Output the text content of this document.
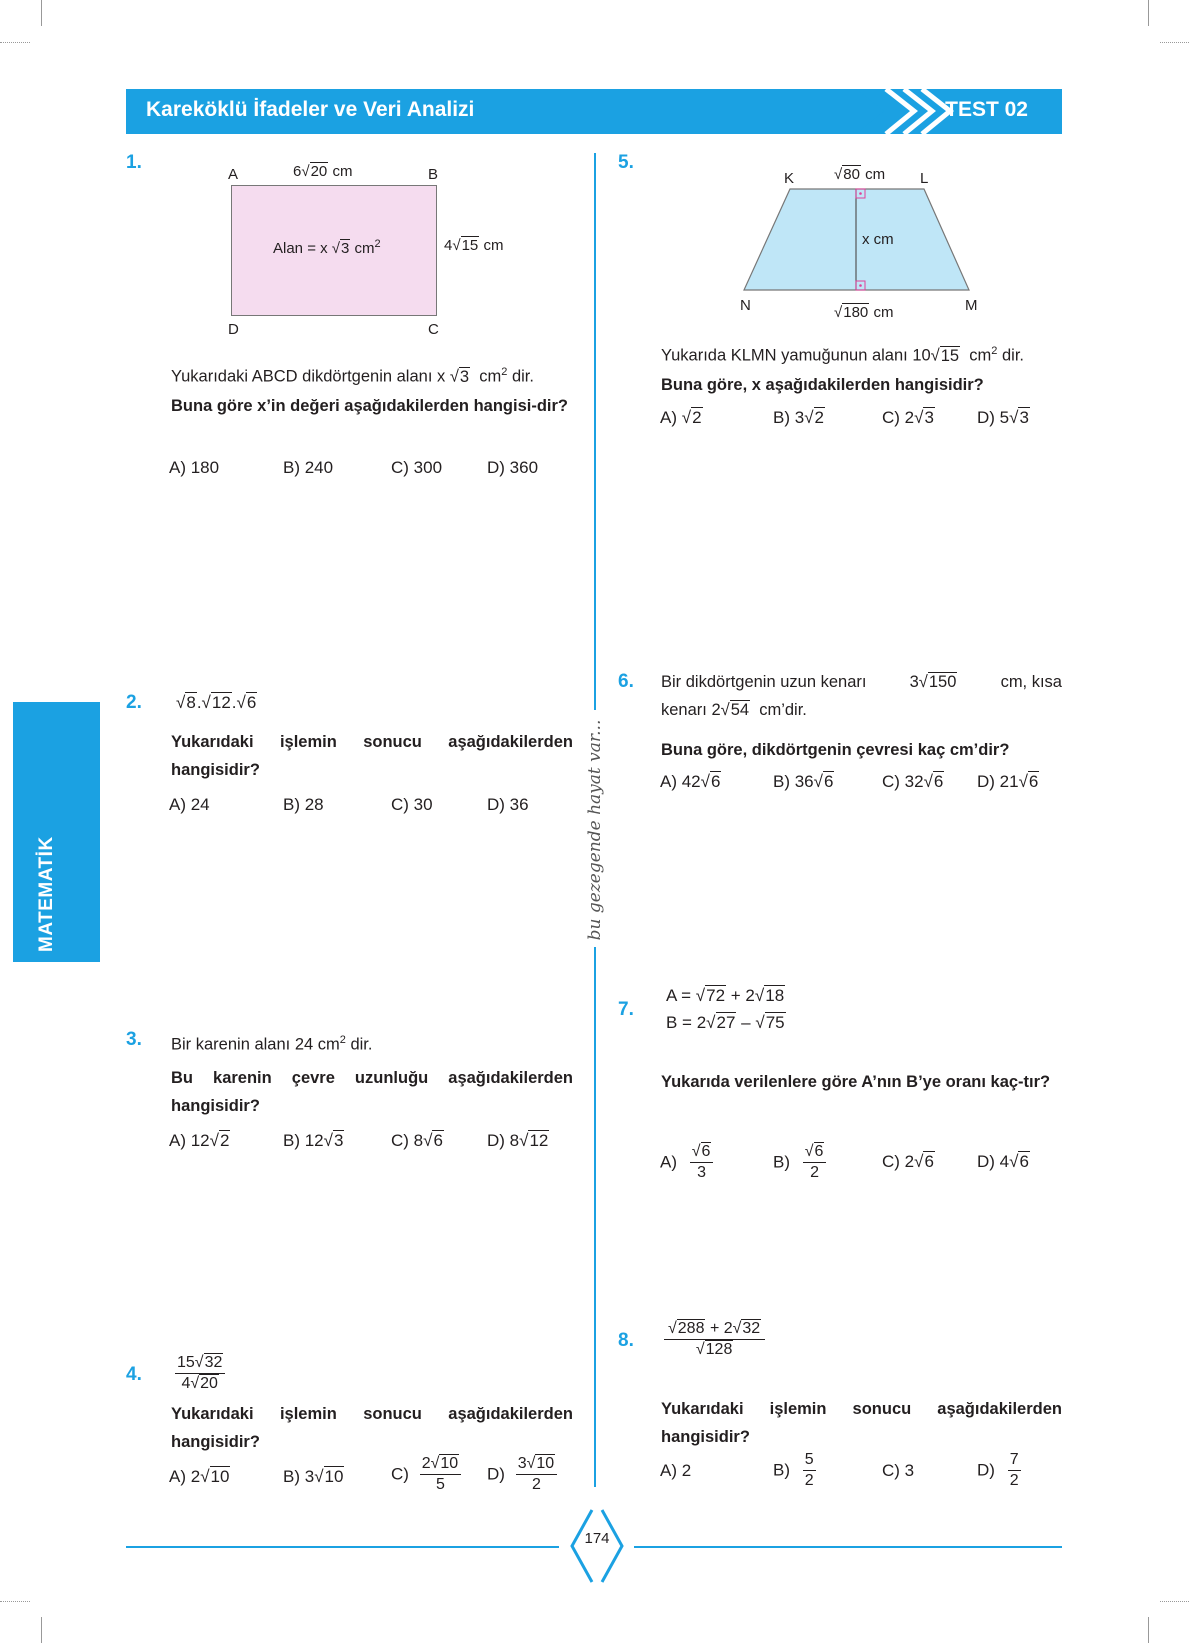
Kareköklü İfadeler ve Veri Analizi	TEST 02
MATEMATİK	bu gezegende hayat var...
1.
Alan = x √3 $cm^2$
A	B
C
D
6√20 cm
4√15 cm
Yukarıdaki ABCD dikdörtgenin alanı x √3 $cm^2$ dir.
Buna göre x’in değeri aşağıdakilerden hangisi-dir?
A) 180	B) 240	C) 300	D) 360
2. √8.√12.√6
Yukarıdaki işlemin sonucu aşağıdakilerden hangisidir?
A) 24	B) 28	C) 30	D) 36
3. Bir karenin alanı 24 $cm^2$ dir.
Bu karenin çevre uzunluğu aşağıdakilerden hangisidir?
A) 12√2	B) 12√3	C) 8√6	D) 8√12
4. $\frac{15√32}{4√20}$
Yukarıdaki işlemin sonucu aşağıdakilerden hangisidir?
A) 2√10	B) 3√10	$C) \frac{2√10}{5} D) \frac{3√10}{2}$
5.
K	L
M
N
√80 cm
x cm
√180 cm
Yukarıda KLMN yamuğunun alanı 10√15 $cm^2$ dir.
Buna göre, x aşağıdakilerden hangisidir?
A) √2	B) 3√2	C) 2√3	D) 5√3
6. Bir dikdörtgenin uzun kenarı	3√150	cm, kısa
kenarı 2√54 cm’dir.
Buna göre, dikdörtgenin çevresi kaç cm’dir?
A) 42√6	B) 36√6	C) 32√6 D) 21√6
7.
A = √72 + 2√18
B = 2√27 – √75
Yukarıda verilenlere göre A’nın B’ye oranı kaç-tır?
$A) \frac{√6}{3}$	$B) \frac{√6}{2}$	C) 2√6	D) 4√6
8. $\frac{√288 + 2√32}{√128}$
Yukarıdaki işlemin sonucu aşağıdakilerden hangisidir?
A) 2	$B) \frac{5}{2}$	C) 3	$D) \frac{7}{2}$
174
